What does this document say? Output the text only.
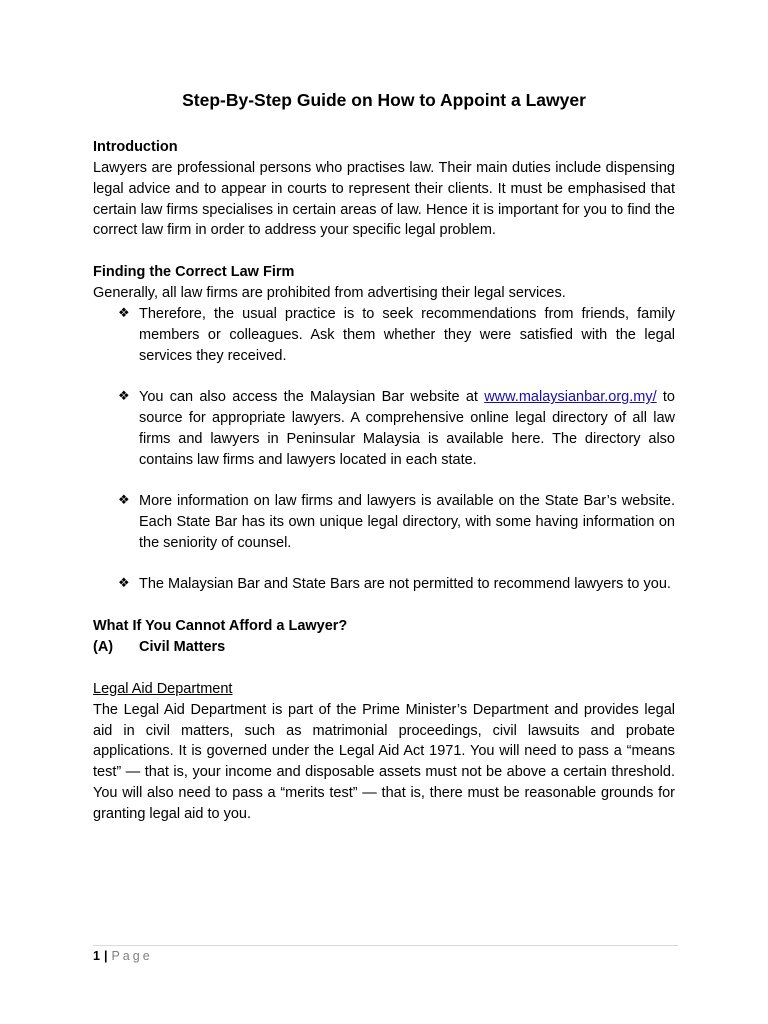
Step-By-Step Guide on How to Appoint a Lawyer

Introduction

Lawyers are professional persons who practises law. Their main duties include dispensing legal advice and to appear in courts to represent their clients. It must be emphasised that certain law firms specialises in certain areas of law. Hence it is important for you to find the correct law firm in order to address your specific legal problem.

Finding the Correct Law Firm

Generally, all law firms are prohibited from advertising their legal services.

❖ Therefore, the usual practice is to seek recommendations from friends, family members or colleagues. Ask them whether they were satisfied with the legal services they received.
❖ You can also access the Malaysian Bar website at www.malaysianbar.org.my/ to source for appropriate lawyers. A comprehensive online legal directory of all law firms and lawyers in Peninsular Malaysia is available here. The directory also contains law firms and lawyers located in each state.
❖ More information on law firms and lawyers is available on the State Bar’s website. Each State Bar has its own unique legal directory, with some having information on the seniority of counsel.
❖ The Malaysian Bar and State Bars are not permitted to recommend lawyers to you.

What If You Cannot Afford a Lawyer?

(A) Civil Matters

Legal Aid Department

The Legal Aid Department is part of the Prime Minister’s Department and provides legal aid in civil matters, such as matrimonial proceedings, civil lawsuits and probate applications. It is governed under the Legal Aid Act 1971. You will need to pass a “means test” — that is, your income and disposable assets must not be above a certain threshold. You will also need to pass a “merits test” — that is, there must be reasonable grounds for granting legal aid to you.

1 | Page
